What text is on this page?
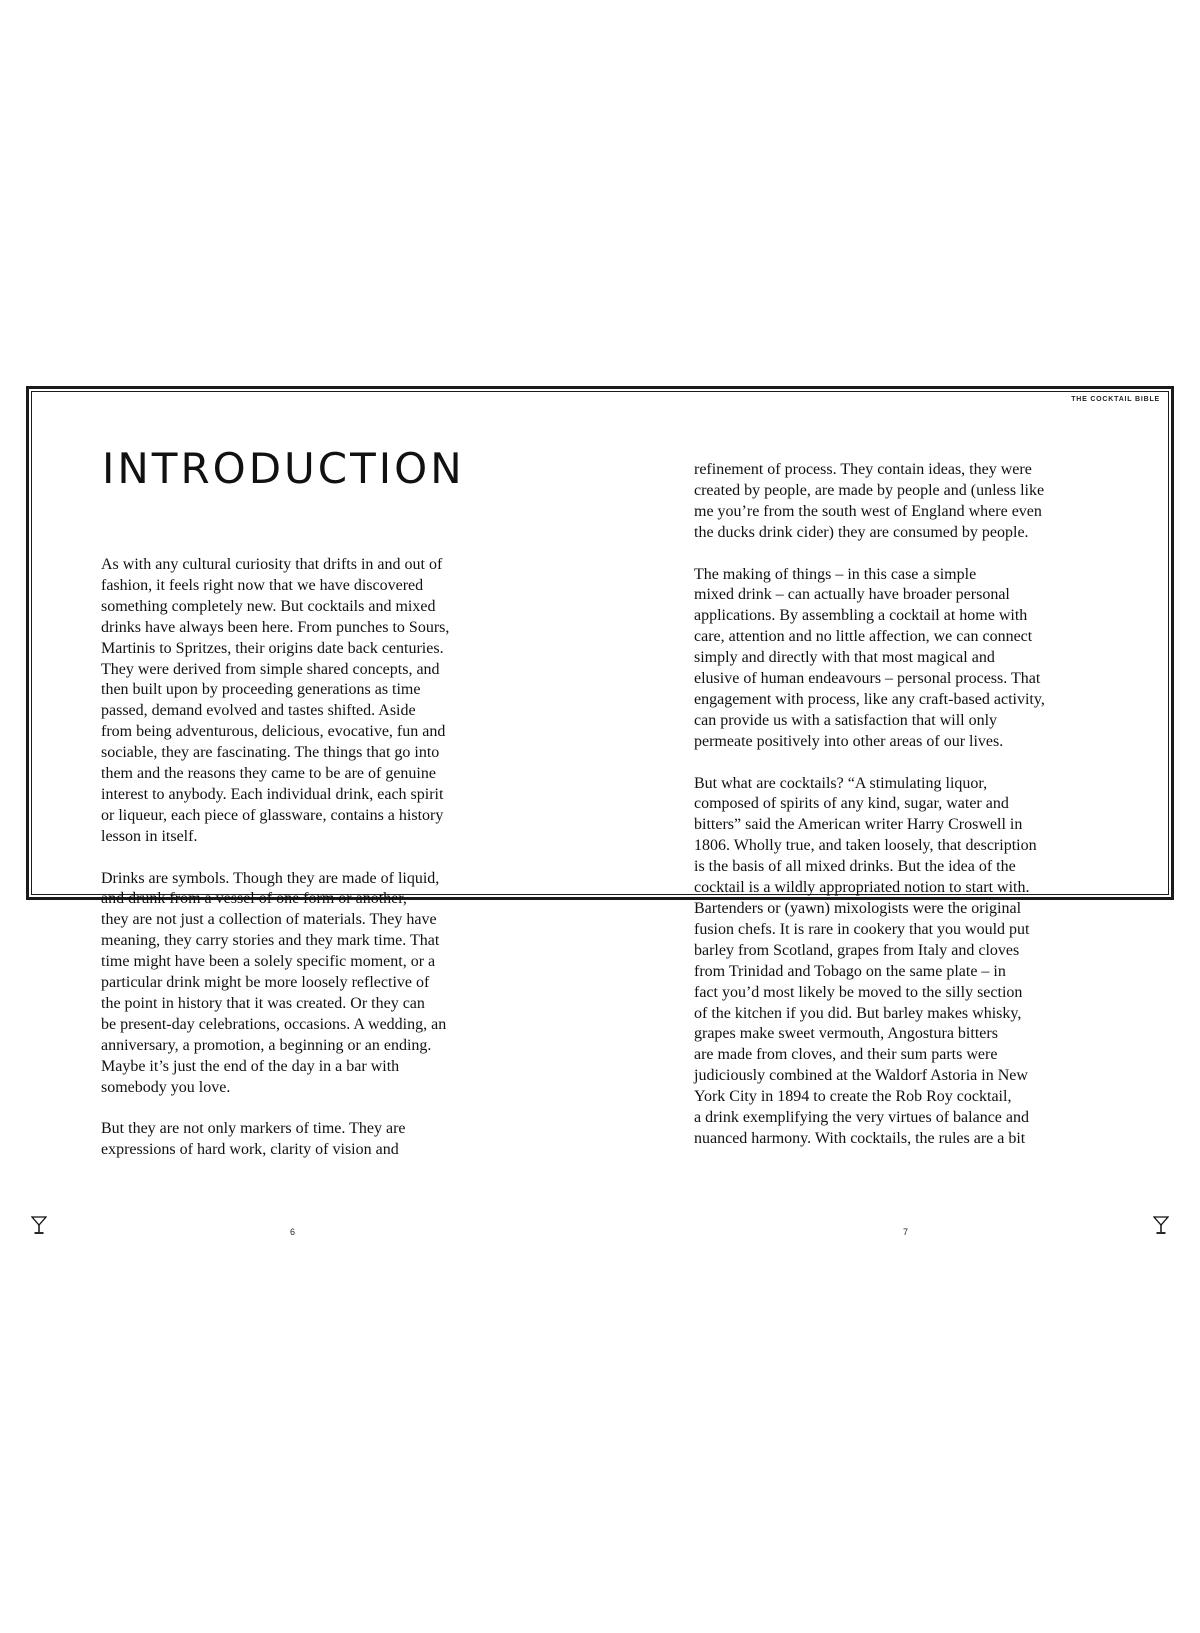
THE COCKTAIL BIBLE
INTRODUCTION

As with any cultural curiosity that drifts in and out of
fashion, it feels right now that we have discovered
something completely new. But cocktails and mixed
drinks have always been here. From punches to Sours,
Martinis to Spritzes, their origins date back centuries.
They were derived from simple shared concepts, and
then built upon by proceeding generations as time
passed, demand evolved and tastes shifted. Aside
from being adventurous, delicious, evocative, fun and
sociable, they are fascinating. The things that go into
them and the reasons they came to be are of genuine
interest to anybody. Each individual drink, each spirit
or liqueur, each piece of glassware, contains a history
lesson in itself.

Drinks are symbols. Though they are made of liquid,
and drunk from a vessel of one form or another,
they are not just a collection of materials. They have
meaning, they carry stories and they mark time. That
time might have been a solely specific moment, or a
particular drink might be more loosely reflective of
the point in history that it was created. Or they can
be present-day celebrations, occasions. A wedding, an
anniversary, a promotion, a beginning or an ending.
Maybe it’s just the end of the day in a bar with
somebody you love.

But they are not only markers of time. They are
expressions of hard work, clarity of vision and

refinement of process. They contain ideas, they were
created by people, are made by people and (unless like
me you’re from the south west of England where even
the ducks drink cider) they are consumed by people.

The making of things – in this case a simple
mixed drink – can actually have broader personal
applications. By assembling a cocktail at home with
care, attention and no little affection, we can connect
simply and directly with that most magical and
elusive of human endeavours – personal process. That
engagement with process, like any craft-based activity,
can provide us with a satisfaction that will only
permeate positively into other areas of our lives.

But what are cocktails? “A stimulating liquor,
composed of spirits of any kind, sugar, water and
bitters” said the American writer Harry Croswell in
1806. Wholly true, and taken loosely, that description
is the basis of all mixed drinks. But the idea of the
cocktail is a wildly appropriated notion to start with.
Bartenders or (yawn) mixologists were the original
fusion chefs. It is rare in cookery that you would put
barley from Scotland, grapes from Italy and cloves
from Trinidad and Tobago on the same plate – in
fact you’d most likely be moved to the silly section
of the kitchen if you did. But barley makes whisky,
grapes make sweet vermouth, Angostura bitters
are made from cloves, and their sum parts were
judiciously combined at the Waldorf Astoria in New
York City in 1894 to create the Rob Roy cocktail,
a drink exemplifying the very virtues of balance and
nuanced harmony. With cocktails, the rules are a bit

6	7
